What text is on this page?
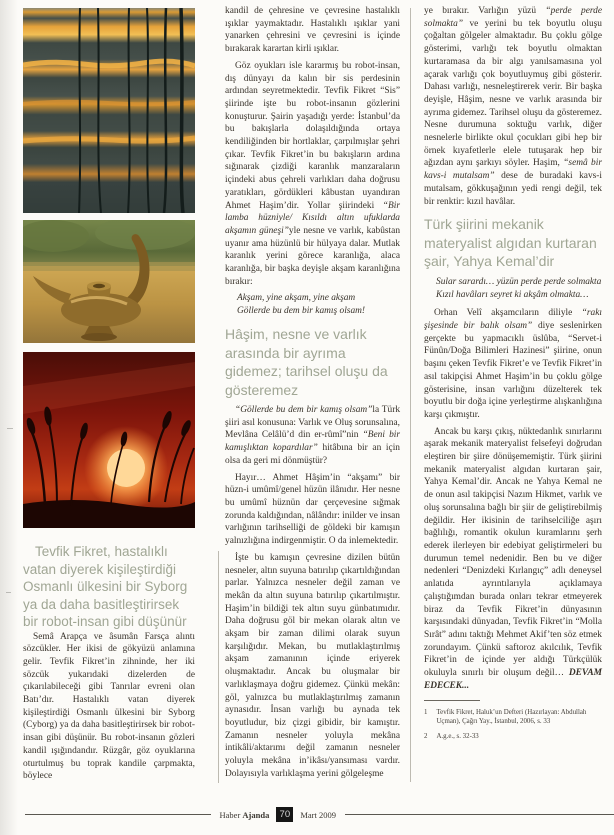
Tevfik Fikret, hastalıklı vatan diyerek kişileştirdiği Osmanlı ülkesini bir Syborg ya da daha basitleştirirsek bir robot-insan gibi düşünür

Semâ Arapça ve âsumân Farsça alıntı sözcükler. Her ikisi de gökyüzü anlamına gelir. Tevfik Fikret’in zihninde, her iki sözcük yukarıdaki dizelerden de çıkarılabileceği gibi Tanrılar evreni olan Batı’dır. Hastalıklı vatan diyerek kişileştirdiği Osmanlı ülkesini bir Syborg (Cyborg) ya da daha basitleştirirsek bir robot-insan gibi düşünür. Bu robot-insanın gözleri kandil ışığındandır. Rüzgâr, göz oyuklarına oturtulmuş bu toprak kandile çarpmakta, böylece

kandil de çehresine ve çevresine hastalıklı ışıklar yaymaktadır. Hastalıklı ışıklar yani yanarken çehresini ve çevresini is içinde bırakarak karartan kirli ışıklar.

Göz oyukları isle kararmış bu robot-insan, dış dünyayı da kalın bir sis perdesinin ardından seyretmektedir. Tevfik Fikret “Sis” şiirinde işte bu robot-insanın gözlerini konuşturur. Şairin yaşadığı yerde: İstanbul’da bu bakışlarla dolaşıldığında ortaya kendiliğinden bir hortlaklar, çarpılmışlar şehri çıkar. Tevfik Fikret’in bu bakışların ardına sığınarak çizdiği karanlık manzaraların içindeki abus çehreli varlıkları daha doğrusu yaratıkları, gördükleri kâbustan uyandıran Ahmet Haşim’dir. Yollar şiirindeki “Bir lamba hüzniyle/ Kısıldı altın ufuklarda akşamın güneşi”yle nesne ve varlık, kabûstan uyanır ama hüzünlü bir hülyaya dalar. Mutlak karanlık yerini görece karanlığa, alaca karanlığa, bir başka deyişle akşam karanlığına bırakır:

Akşam, yine akşam, yine akşam
Göllerde bu dem bir kamış olsam!
Hâşim, nesne ve varlık arasında bir ayrıma gidemez; tarihsel oluşu da gösteremez

“Göllerde bu dem bir kamış olsam”la Türk şiiri asıl konusuna: Varlık ve Oluş sorunsalına, Mevlâna Celâlü’d din er-rûmî”nin “Beni bir kamışlıktan kopardılar” hitâbına bir an için olsa da geri mi dönmüştür?

Hayır… Ahmet Hâşim’in “akşamı” bir hüzn-i umûmî/genel hüzün ilânıdır. Her nesne bu umûmî hüznün dar çerçevesine sığmak zorunda kaldığından, nâlândır: inilder ve insan varlığının tarihselliği de göldeki bir kamışın yalnızlığına indirgenmiştir. O da inlemektedir.

İşte bu kamışın çevresine dizilen bütün nesneler, altın suyuna batırılıp çıkartıldığından parlar. Yalnızca nesneler değil zaman ve mekân da altın suyuna batırılıp çıkartılmıştır. Haşim’in bildiği tek altın suyu günbatımıdır. Daha doğrusu göl bir mekan olarak altın ve akşam bir zaman dilimi olarak suyun karşılığıdır. Mekan, bu mutlaklaştırılmış akşam zamanının içinde eriyerek oluşmaktadır. Ancak bu oluşmalar bir varlıklaşmaya doğru gidemez. Çünkü mekân: göl, yalnızca bu mutlaklaştırılmış zamanın aynasıdır. İnsan varlığı bu aynada tek boyutludur, biz çizgi gibidir, bir kamıştır. Zamanın nesneler yoluyla mekâna intikâli/aktarımı değil zamanın nesneler yoluyla mekâna in’ikâsı/yansıması vardır. Dolayısıyla varlıklaşma yerini gölgeleşme

ye bırakır. Varlığın yüzü “perde perde solmakta” ve yerini bu tek boyutlu oluşu çoğaltan gölgeler almaktadır. Bu çoklu gölge gösterimi, varlığı tek boyutlu olmaktan kurtaramasa da bir algı yanılsamasına yol açarak varlığı çok boyutluymuş gibi gösterir. Dahası varlığı, nesneleştirerek verir. Bir başka deyişle, Hâşim, nesne ve varlık arasında bir ayrıma gidemez. Tarihsel oluşu da gösteremez. Nesne durumuna soktuğu varlık, diğer nesnelerle birlikte okul çocukları gibi hep bir örnek kıyafetlerle elele tutuşarak hep bir ağızdan aynı şarkıyı söyler. Haşim, “semâ bir kavs-i mutalsam” dese de buradaki kavs-i mutalsam, gökkuşağının yedi rengi değil, tek bir renktir: kızıl havâlar.

Türk şiirini mekanik materyalist algıdan kurtaran şair, Yahya Kemal’dir
Sular sarardı… yüzün perde perde solmakta
Kızıl havâları seyret ki akşâm olmakta…

Orhan Velî akşamcıların diliyle “rakı şişesinde bir balık olsam” diye seslenirken gerçekte bu yapmacıklı üslûba, “Servet-i Fünûn/Doğa Bilimleri Hazinesi” şiirine, onun başını çeken Tevfik Fikret’e ve Tevfik Fikret’in asıl takipçisi Ahmet Haşim’in bu çoklu gölge gösterisine, insan varlığını düzelterek tek boyutlu bir doğa içine yerleştirme alışkanlığına karşı çıkmıştır.

Ancak bu karşı çıkış, nüktedanlık sınırlarını aşarak mekanik materyalist felsefeyi doğrudan eleştiren bir şiire dönüşememiştir. Türk şiirini mekanik materyalist algıdan kurtaran şair, Yahya Kemal’dir. Ancak ne Yahya Kemal ne de onun asıl takipçisi Nazım Hikmet, varlık ve oluş sorunsalına bağlı bir şiir de geliştirebilmiş değildir. Her ikisinin de tarihselciliğe aşırı bağlılığı, romantik okulun kuramlarını şerh ederek ilerleyen bir edebiyat geliştirmeleri bu durumun temel nedenidir. Ben bu ve diğer nedenleri “Denizdeki Kırlangıç” adlı deneysel anlatıda ayrıntılarıyla açıklamaya çalıştığımdan burada onları tekrar etmeyerek biraz da Tevfik Fikret’in dünyasının karşısındaki dünyadan, Tevfik Fikret’in “Molla Sırât” adını taktığı Mehmet Akif’ten söz etmek zorundayım. Çünkü saftoroz akılcılık, Tevfik Fikret’in de içinde yer aldığı Türkçülük okuluyla sınırlı bir oluşum değil… DEVAM EDECEK...

1 Tevfik Fikret, Haluk’un Defteri (Hazırlayan: Abdullah Uçman), Çağrı Yay., İstanbul, 2006, s. 33
2 A.g.e., s. 32-33
Haber Ajanda	70	Mart 2009
